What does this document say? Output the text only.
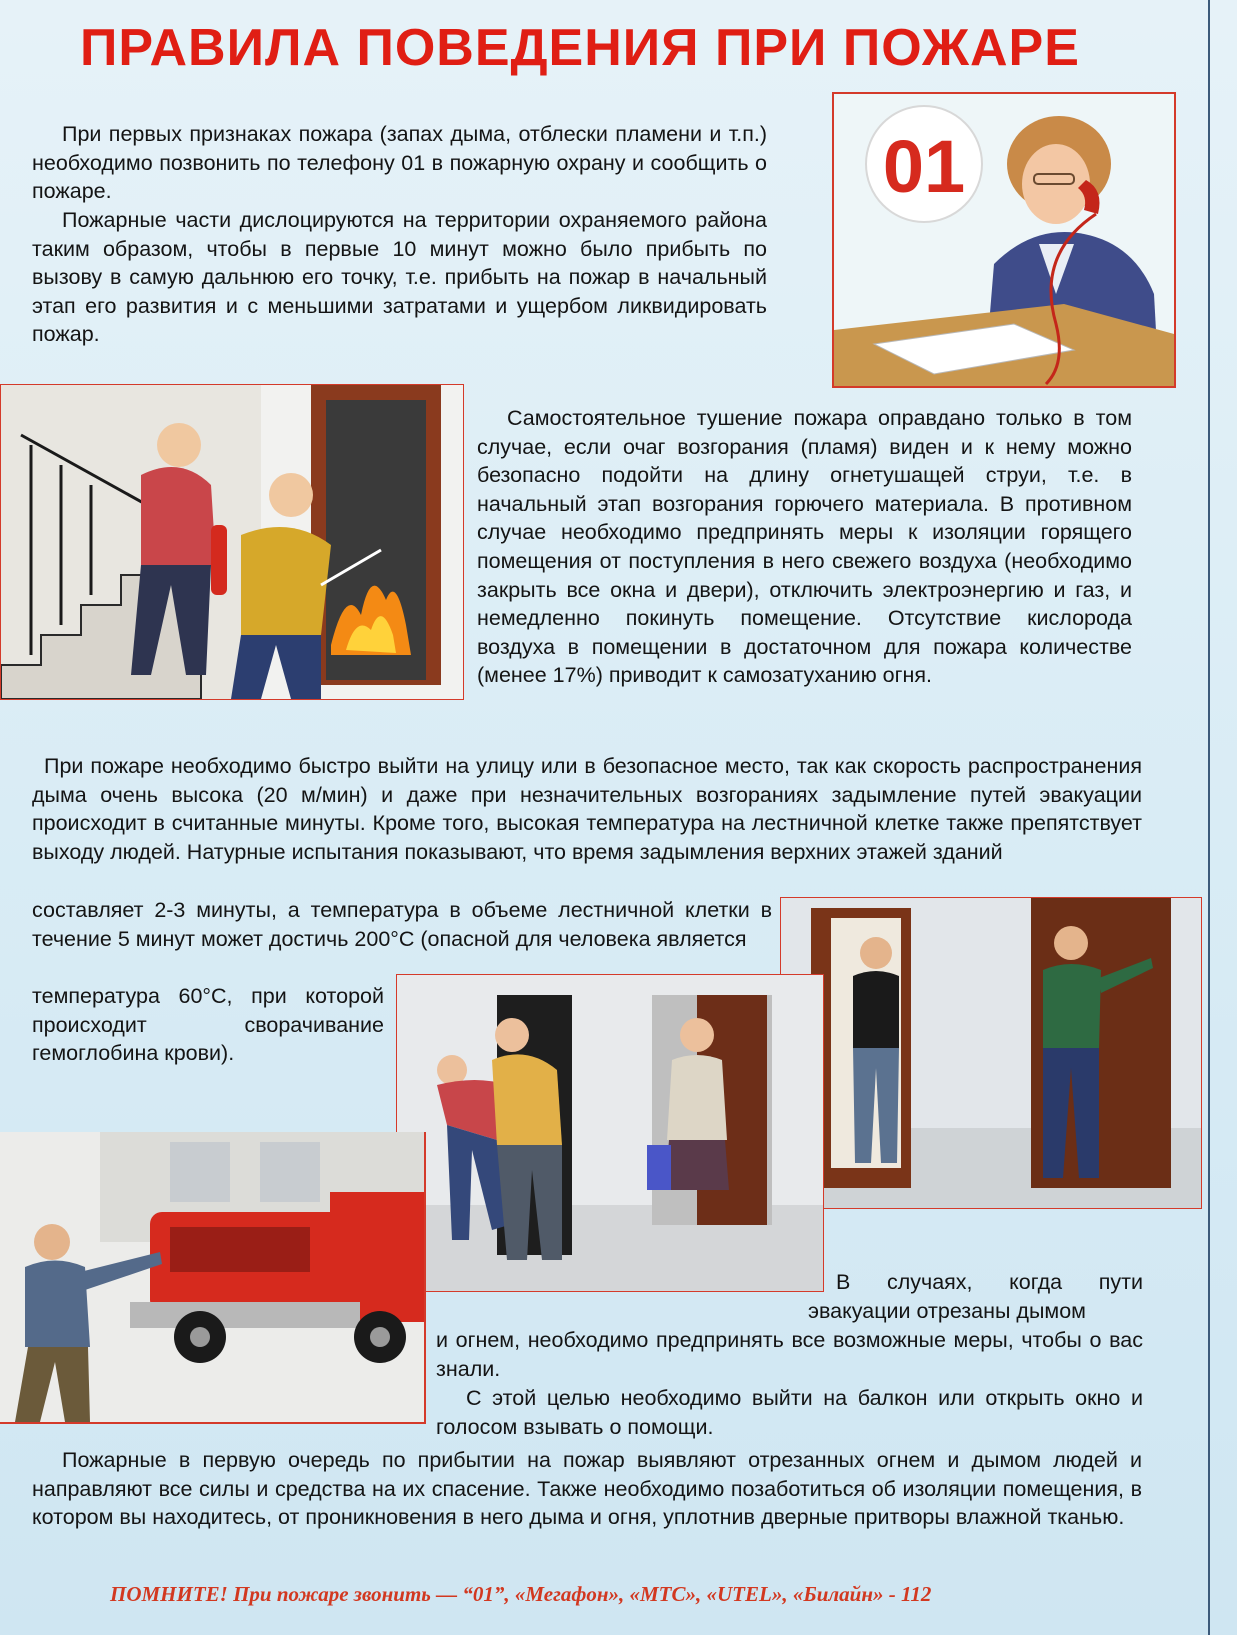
ПРАВИЛА ПОВЕДЕНИЯ ПРИ ПОЖАРЕ

При первых признаках пожара (запах дыма, отблески пламени и т.п.) необходимо позвонить по телефону 01 в пожарную охрану и сообщить о пожаре.

Пожарные части дислоцируются на территории охраняемого района таким образом, чтобы в первые 10 минут можно было прибыть по вызову в самую дальнюю его точку, т.е. прибыть на пожар в начальный этап его развития и с меньшими затратами и ущербом ликвидировать пожар.

01

Самостоятельное тушение пожара оправдано только в том случае, если очаг возгорания (пламя) виден и к нему можно безопасно подойти на длину огнетушащей струи, т.е. в начальный этап возгорания горючего материала. В противном случае необходимо предпринять меры к изоляции горящего помещения от поступления в него свежего воздуха (необходимо закрыть все окна и двери), отключить электроэнергию и газ, и немедленно покинуть помещение. Отсутствие кислорода воздуха в помещении в достаточном для пожара количестве (менее 17%) приводит к самозатуханию огня.

При пожаре необходимо быстро выйти на улицу или в безопасное место, так как скорость распространения дыма очень высока (20 м/мин) и даже при незначительных возгораниях задымление путей эвакуации происходит в считанные минуты. Кроме того, высокая температура на лестничной клетке также препятствует выходу людей. Натурные испытания показывают, что время задымления верхних этажей зданий

составляет 2-3 минуты, а температура в объеме лестничной клетки в течение 5 минут может достичь 200°С (опасной для человека является

температура 60°С, при которой происходит сворачивание гемоглобина крови).

В случаях, когда пути эвакуации отрезаны дымом

и огнем, необходимо предпринять все возможные меры, чтобы о вас знали.

С этой целью необходимо выйти на балкон или открыть окно и голосом взывать о помощи.

Пожарные в первую очередь по прибытии на пожар выявляют отрезанных огнем и дымом людей и направляют все силы и средства на их спасение. Также необходимо позаботиться об изоляции помещения, в котором вы находитесь, от проникновения в него дыма и огня, уплотнив дверные притворы влажной тканью.

ПОМНИТЕ! При пожаре звонить — “01”, «Мегафон», «МТС», «UTEL», «Билайн» - 112
